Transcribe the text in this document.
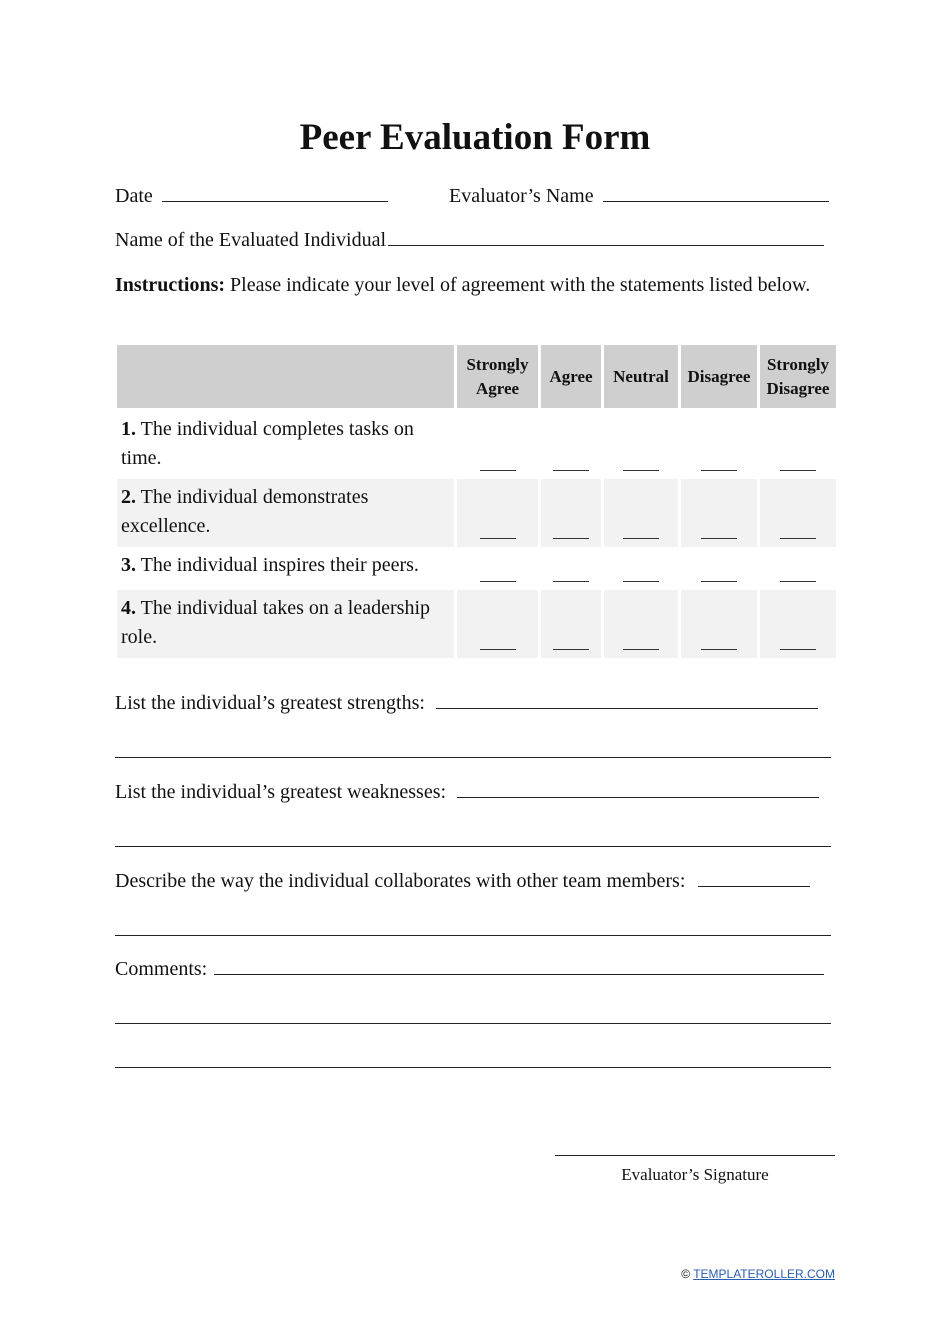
Peer Evaluation Form
Date	Evaluator’s Name
Name of the Evaluated Individual

Instructions: Please indicate your level of agreement with the statements listed below.

	Strongly Agree	Agree	Neutral	Disagree	Strongly Disagree
1. The individual completes tasks on time.	

2. The individual demonstrates excellence.	

3. The individual inspires their peers.	

4. The individual takes on a leadership role.	

List the individual’s greatest strengths:
List the individual’s greatest weaknesses:
Describe the way the individual collaborates with other team members:
Comments:
Evaluator’s Signature
© TEMPLATEROLLER.COM
